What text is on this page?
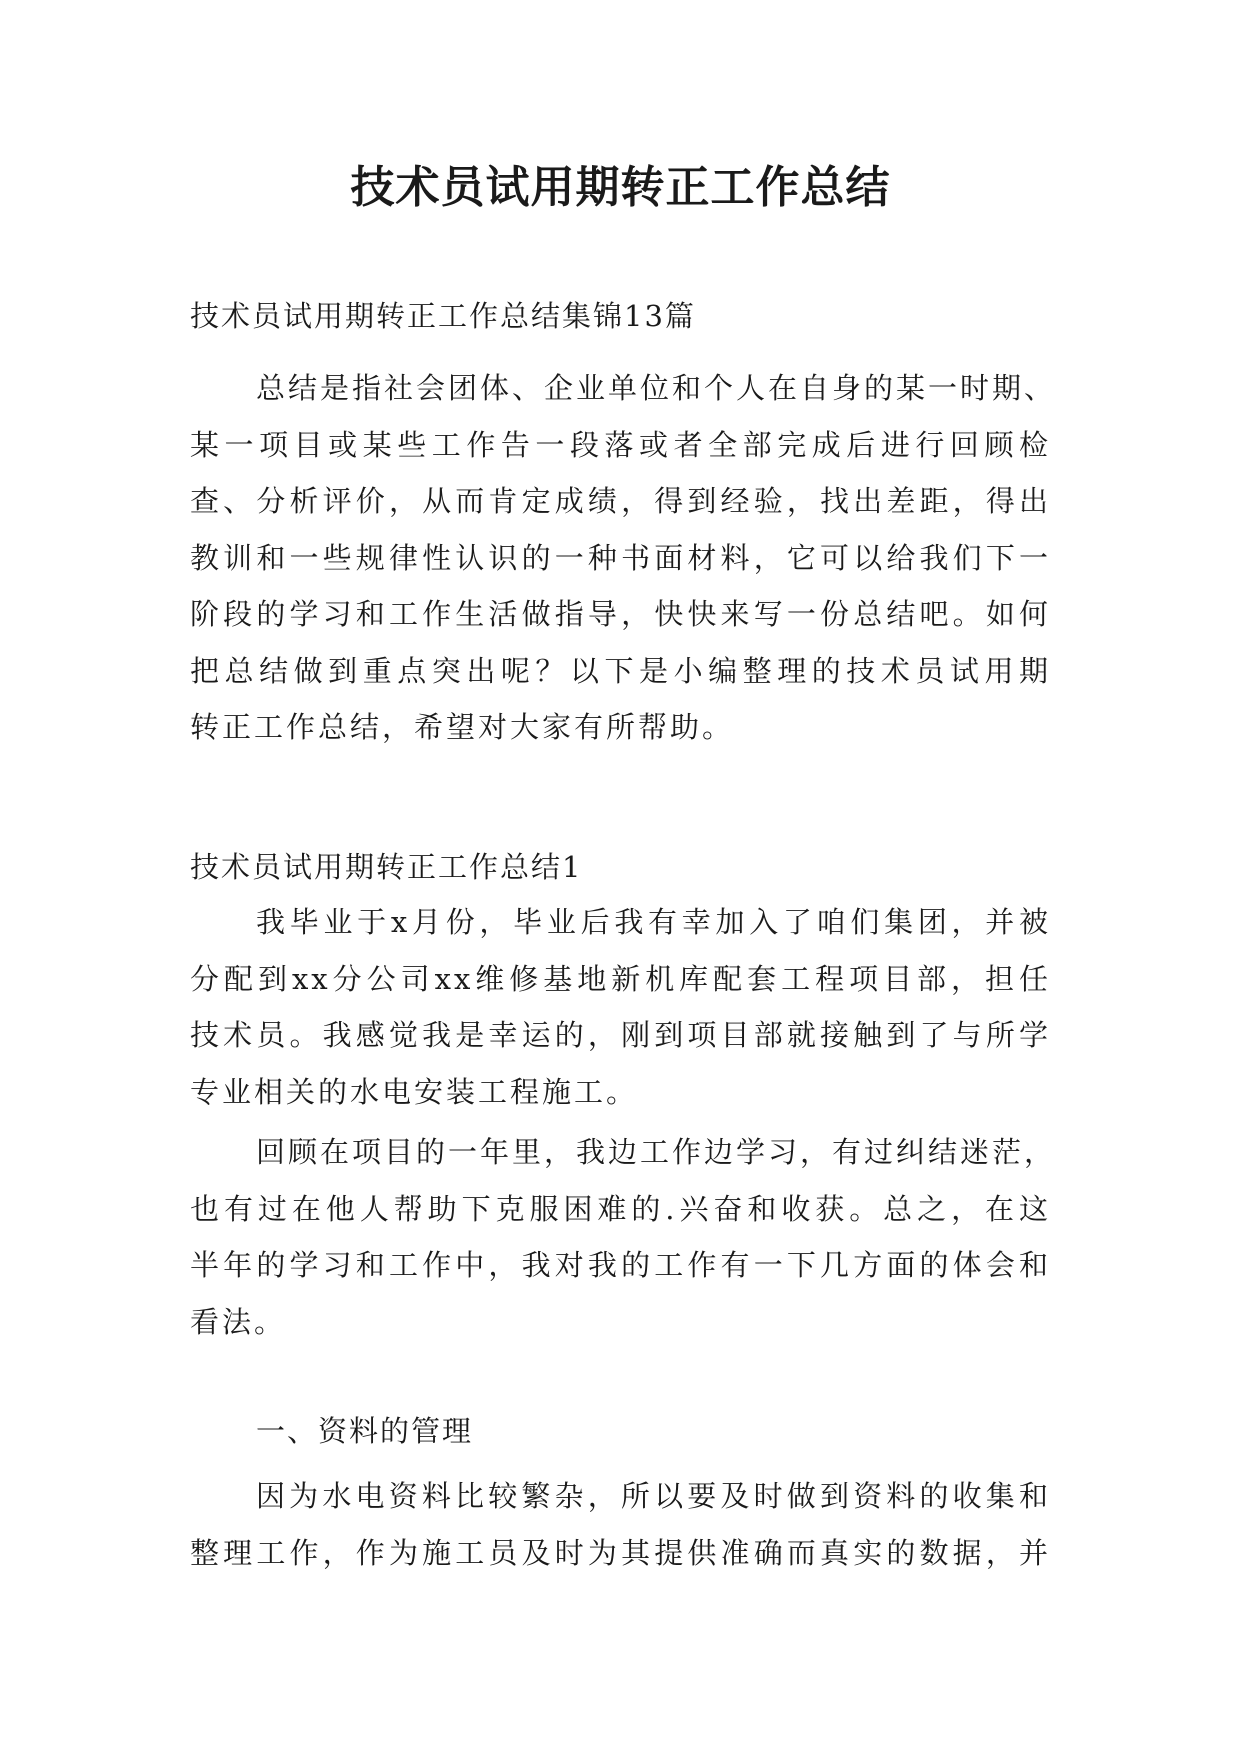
技术员试用期转正工作总结

技术员试用期转正工作总结集锦13篇

总结是指社会团体、企业单位和个人在自身的某一时期、
某一项目或某些工作告一段落或者全部完成后进行回顾检
查、分析评价，从而肯定成绩，得到经验，找出差距，得出
教训和一些规律性认识的一种书面材料，它可以给我们下一
阶段的学习和工作生活做指导，快快来写一份总结吧。如何
把总结做到重点突出呢？以下是小编整理的技术员试用期
转正工作总结，希望对大家有所帮助。

技术员试用期转正工作总结1

我毕业于x月份，毕业后我有幸加入了咱们集团，并被
分配到xx分公司xx维修基地新机库配套工程项目部，担任
技术员。我感觉我是幸运的，刚到项目部就接触到了与所学
专业相关的水电安装工程施工。
回顾在项目的一年里，我边工作边学习，有过纠结迷茫，
也有过在他人帮助下克服困难的.兴奋和收获。总之，在这
半年的学习和工作中，我对我的工作有一下几方面的体会和
看法。

一、资料的管理

因为水电资料比较繁杂，所以要及时做到资料的收集和
整理工作，作为施工员及时为其提供准确而真实的数据，并
